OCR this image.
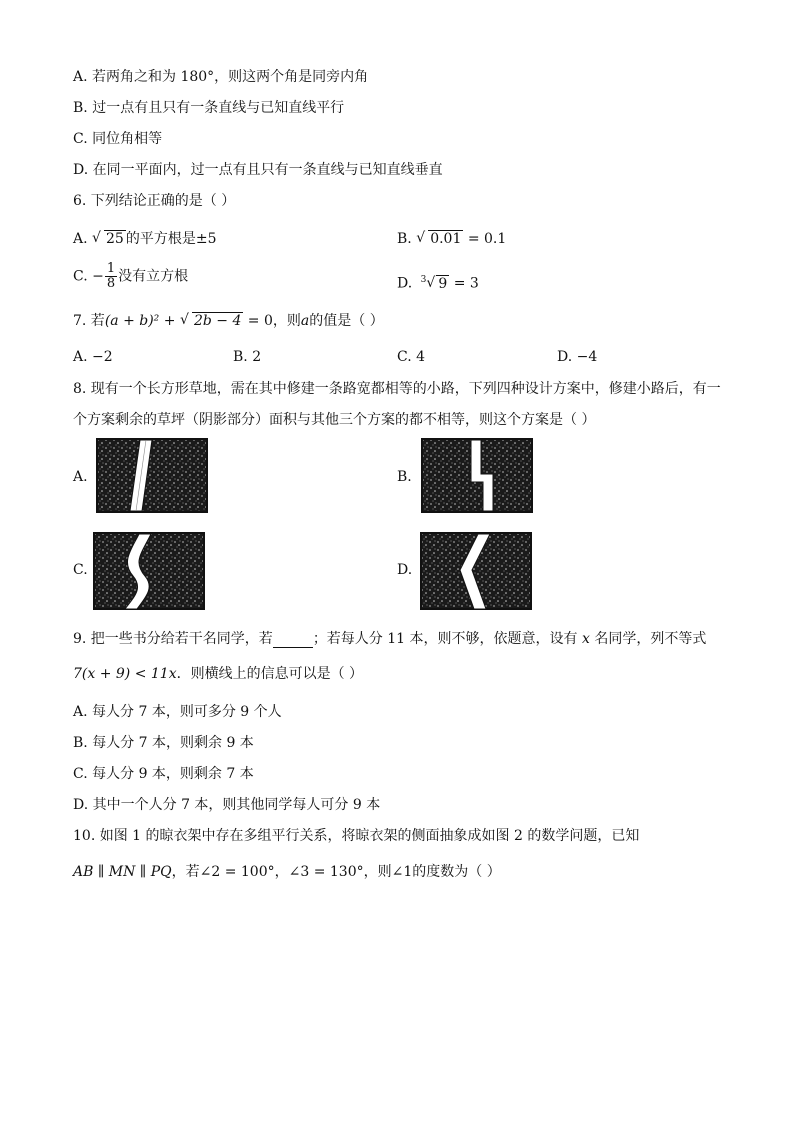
A. 若两角之和为 180°，则这两个角是同旁内角
B. 过一点有且只有一条直线与已知直线平行
C. 同位角相等
D. 在同一平面内，过一点有且只有一条直线与已知直线垂直
6. 下列结论正确的是（ ）
A. √ 25 的平方根是±5	B. √ 0.01 = 0.1
C. − $\frac{1}{8}$ 没有立方根	D. $^3$ √ 9 = 3
7. 若(a + b)² + √ 2b − 4 = 0，则a的值是（ ）
A. −2	B. 2	C. 4	D. −4
8. 现有一个长方形草地，需在其中修建一条路宽都相等的小路，下列四种设计方案中，修建小路后，有一
个方案剩余的草坪（阴影部分）面积与其他三个方案的都不相等，则这个方案是（ ）
A.	B.
C.	D.
9. 把一些书分给若干名同学，若	；若每人分 11 本，则不够，依题意，设有 x 名同学，列不等式
7(x + 9) < 11x．则横线上的信息可以是（ ）
A. 每人分 7 本，则可多分 9 个人
B. 每人分 7 本，则剩余 9 本
C. 每人分 9 本，则剩余 7 本
D. 其中一个人分 7 本，则其他同学每人可分 9 本
10. 如图 1 的晾衣架中存在多组平行关系，将晾衣架的侧面抽象成如图 2 的数学问题，已知
AB ∥ MN ∥ PQ，若∠2 = 100°，∠3 = 130°，则∠1的度数为（ ）
